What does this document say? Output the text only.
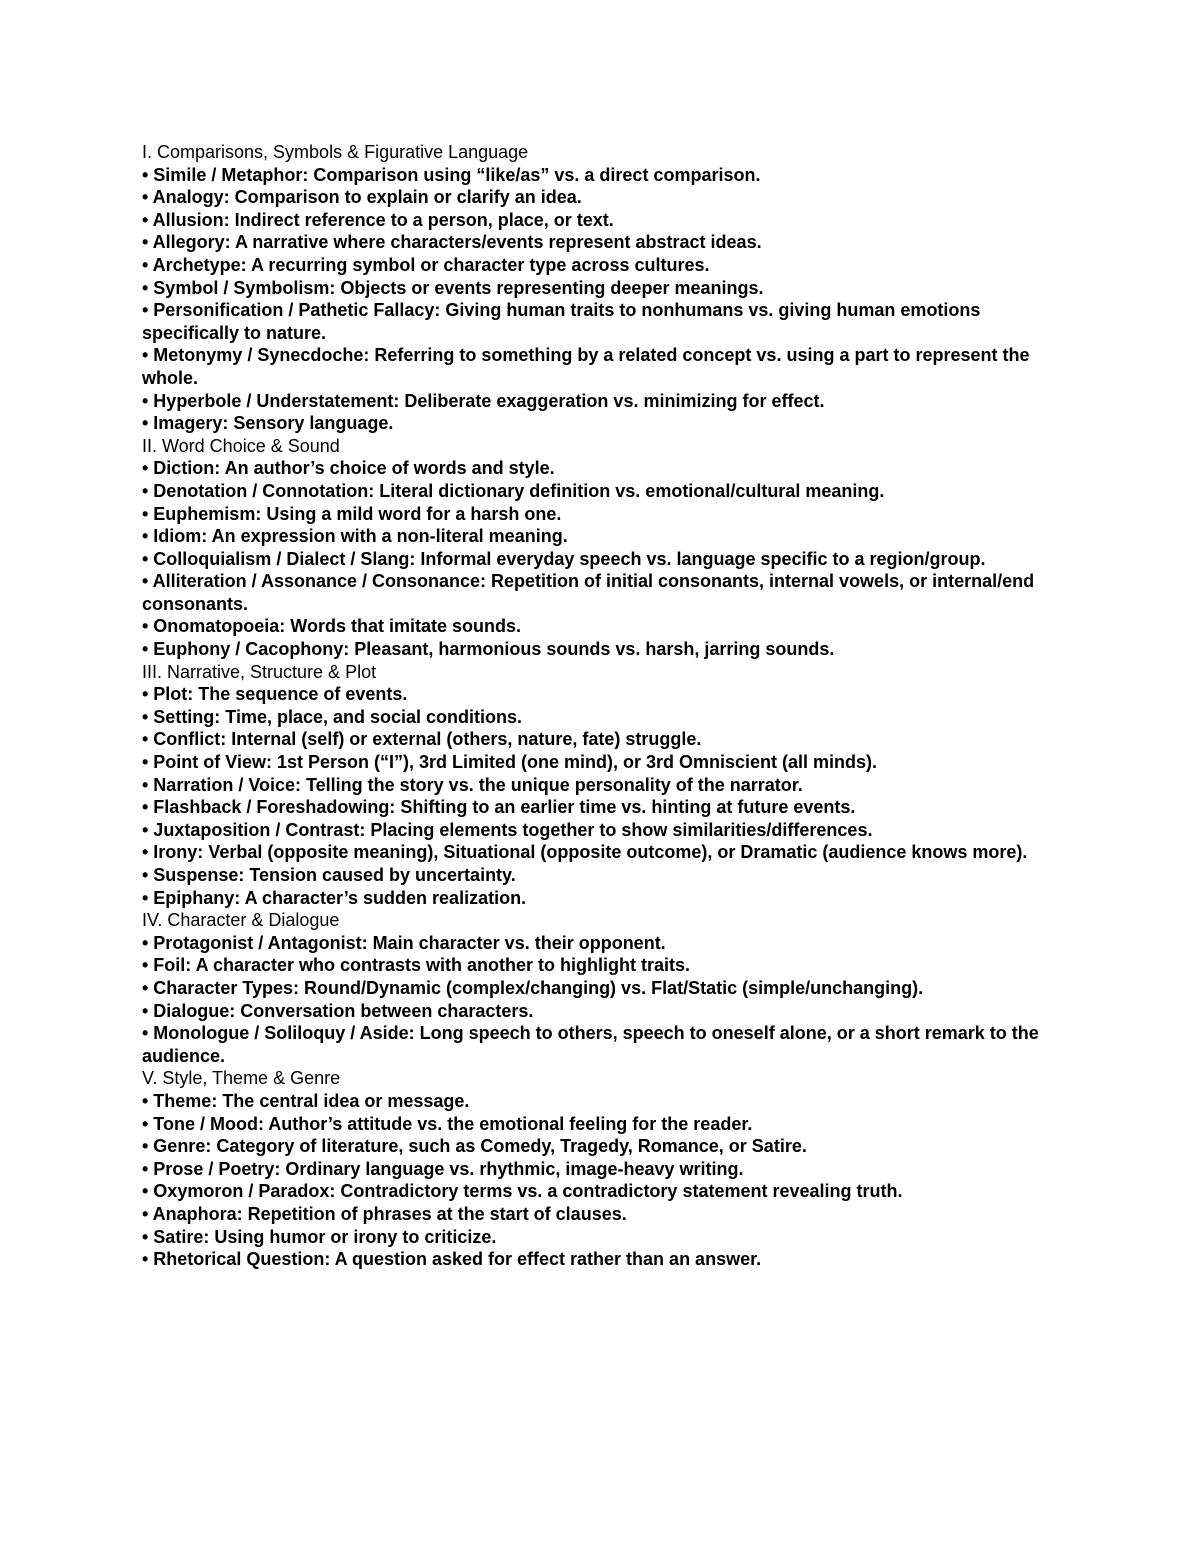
I. Comparisons, Symbols & Figurative Language

• Simile / Metaphor: Comparison using “like/as” vs. a direct comparison.

• Analogy: Comparison to explain or clarify an idea.

• Allusion: Indirect reference to a person, place, or text.

• Allegory: A narrative where characters/events represent abstract ideas.

• Archetype: A recurring symbol or character type across cultures.

• Symbol / Symbolism: Objects or events representing deeper meanings.

• Personification / Pathetic Fallacy: Giving human traits to nonhumans vs. giving human emotions specifically to nature.

• Metonymy / Synecdoche: Referring to something by a related concept vs. using a part to represent the whole.

• Hyperbole / Understatement: Deliberate exaggeration vs. minimizing for effect.

• Imagery: Sensory language.

II. Word Choice & Sound

• Diction: An author’s choice of words and style.

• Denotation / Connotation: Literal dictionary definition vs. emotional/cultural meaning.

• Euphemism: Using a mild word for a harsh one.

• Idiom: An expression with a non-literal meaning.

• Colloquialism / Dialect / Slang: Informal everyday speech vs. language specific to a region/group.

• Alliteration / Assonance / Consonance: Repetition of initial consonants, internal vowels, or internal/end consonants.

• Onomatopoeia: Words that imitate sounds.

• Euphony / Cacophony: Pleasant, harmonious sounds vs. harsh, jarring sounds.

III. Narrative, Structure & Plot

• Plot: The sequence of events.

• Setting: Time, place, and social conditions.

• Conflict: Internal (self) or external (others, nature, fate) struggle.

• Point of View: 1st Person (“I”), 3rd Limited (one mind), or 3rd Omniscient (all minds).

• Narration / Voice: Telling the story vs. the unique personality of the narrator.

• Flashback / Foreshadowing: Shifting to an earlier time vs. hinting at future events.

• Juxtaposition / Contrast: Placing elements together to show similarities/differences.

• Irony: Verbal (opposite meaning), Situational (opposite outcome), or Dramatic (audience knows more).

• Suspense: Tension caused by uncertainty.

• Epiphany: A character’s sudden realization.

IV. Character & Dialogue

• Protagonist / Antagonist: Main character vs. their opponent.

• Foil: A character who contrasts with another to highlight traits.

• Character Types: Round/Dynamic (complex/changing) vs. Flat/Static (simple/unchanging).

• Dialogue: Conversation between characters.

• Monologue / Soliloquy / Aside: Long speech to others, speech to oneself alone, or a short remark to the audience.

V. Style, Theme & Genre

• Theme: The central idea or message.

• Tone / Mood: Author’s attitude vs. the emotional feeling for the reader.

• Genre: Category of literature, such as Comedy, Tragedy, Romance, or Satire.

• Prose / Poetry: Ordinary language vs. rhythmic, image-heavy writing.

• Oxymoron / Paradox: Contradictory terms vs. a contradictory statement revealing truth.

• Anaphora: Repetition of phrases at the start of clauses.

• Satire: Using humor or irony to criticize.

• Rhetorical Question: A question asked for effect rather than an answer.
